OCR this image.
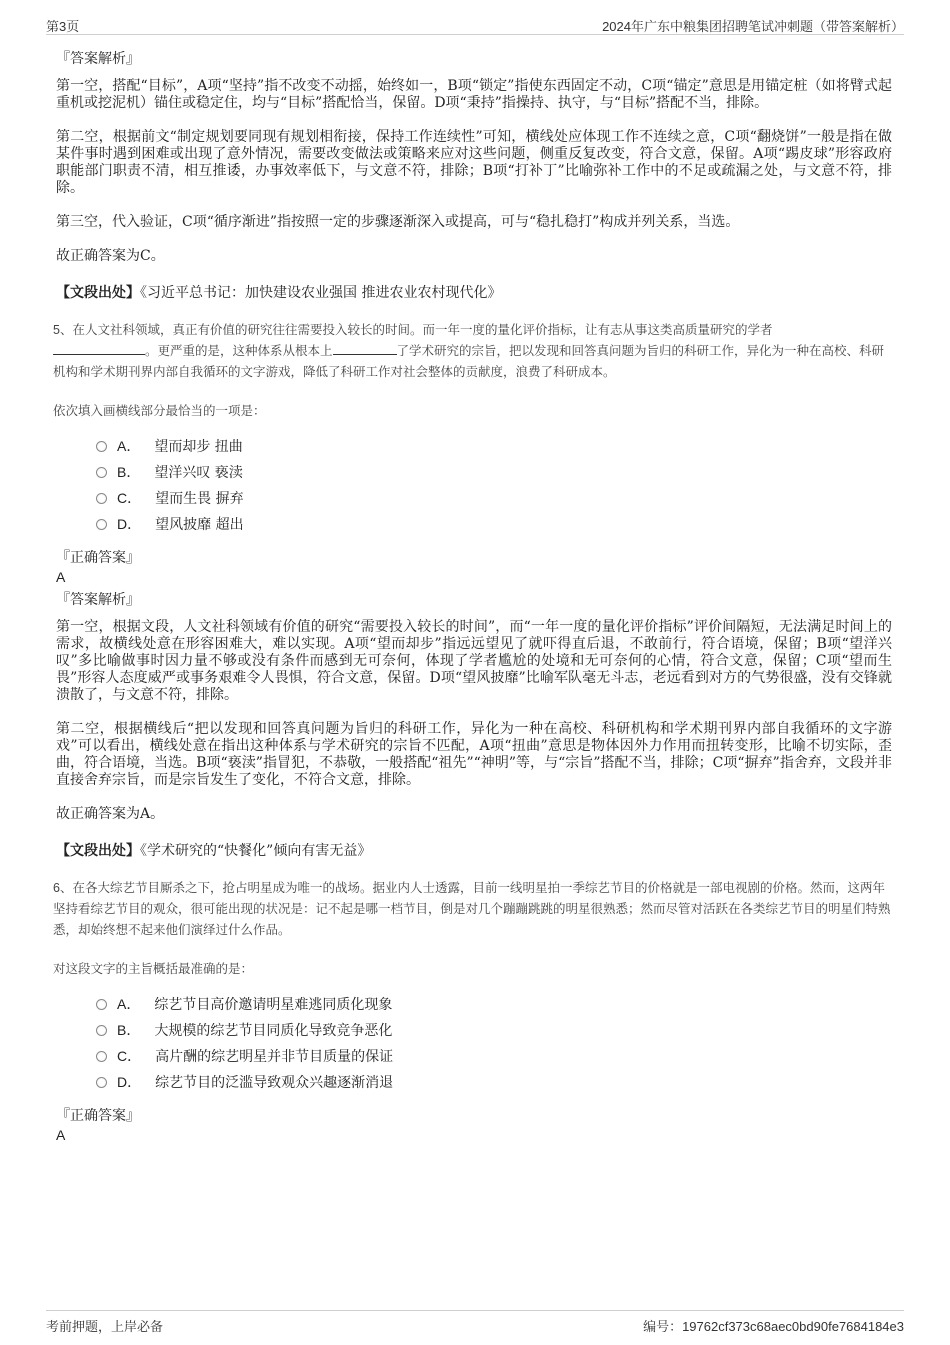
第3页	2024年广东中粮集团招聘笔试冲刺题（带答案解析）
『答案解析』

第一空，搭配“目标”，A项“坚持”指不改变不动摇，始终如一，B项“锁定”指使东西固定不动，C项“锚定”意思是用锚定桩（如将臂式起重机或挖泥机）锚住或稳定住，均与“目标”搭配恰当，保留。D项“秉持”指操持、执守，与“目标”搭配不当，排除。

第二空，根据前文“制定规划要同现有规划相衔接，保持工作连续性”可知，横线处应体现工作不连续之意，C项“翻烧饼”一般是指在做某件事时遇到困难或出现了意外情况，需要改变做法或策略来应对这些问题，侧重反复改变，符合文意，保留。A项“踢皮球”形容政府职能部门职责不清，相互推诿，办事效率低下，与文意不符，排除；B项“打补丁”比喻弥补工作中的不足或疏漏之处，与文意不符，排除。

第三空，代入验证，C项“循序渐进”指按照一定的步骤逐渐深入或提高，可与“稳扎稳打”构成并列关系，当选。

故正确答案为C。

【文段出处】《习近平总书记：加快建设农业强国 推进农业农村现代化》

5、在人文社科领域，真正有价值的研究往往需要投入较长的时间。而一年一度的量化评价指标，让有志从事这类高质量研究的学者
。更严重的是，这种体系从根本上	了学术研究的宗旨，把以发现和回答真问题为旨归的科研工作，异化为一种在高校、科研机构和学术期刊界内部自我循环的文字游戏，降低了科研工作对社会整体的贡献度，浪费了科研成本。

依次填入画横线部分最恰当的一项是：
A． 望而却步 扭曲
B． 望洋兴叹 亵渎
C． 望而生畏 摒弃
D． 望风披靡 超出
『正确答案』
A
『答案解析』

第一空，根据文段，人文社科领域有价值的研究“需要投入较长的时间”，而“一年一度的量化评价指标”评价间隔短，无法满足时间上的需求，故横线处意在形容困难大，难以实现。A项“望而却步”指远远望见了就吓得直后退，不敢前行，符合语境，保留；B项“望洋兴叹”多比喻做事时因力量不够或没有条件而感到无可奈何，体现了学者尴尬的处境和无可奈何的心情，符合文意，保留；C项“望而生畏”形容人态度威严或事务艰难令人畏惧，符合文意，保留。D项“望风披靡”比喻军队毫无斗志，老远看到对方的气势很盛，没有交锋就溃散了，与文意不符，排除。

第二空，根据横线后“把以发现和回答真问题为旨归的科研工作，异化为一种在高校、科研机构和学术期刊界内部自我循环的文字游戏”可以看出，横线处意在指出这种体系与学术研究的宗旨不匹配，A项“扭曲”意思是物体因外力作用而扭转变形，比喻不切实际，歪曲，符合语境，当选。B项“亵渎”指冒犯，不恭敬，一般搭配“祖先”“神明”等，与“宗旨”搭配不当，排除；C项“摒弃”指舍弃，文段并非直接舍弃宗旨，而是宗旨发生了变化，不符合文意，排除。

故正确答案为A。

【文段出处】《学术研究的“快餐化”倾向有害无益》

6、在各大综艺节目厮杀之下，抢占明星成为唯一的战场。据业内人士透露，目前一线明星拍一季综艺节目的价格就是一部电视剧的价格。然而，这两年坚持看综艺节目的观众，很可能出现的状况是：记不起是哪一档节目，倒是对几个蹦蹦跳跳的明星很熟悉；然而尽管对活跃在各类综艺节目的明星们特熟悉，却始终想不起来他们演绎过什么作品。

对这段文字的主旨概括最准确的是：
A． 综艺节目高价邀请明星难逃同质化现象
B． 大规模的综艺节目同质化导致竞争恶化
C． 高片酬的综艺明星并非节目质量的保证
D． 综艺节目的泛滥导致观众兴趣逐渐消退
『正确答案』
A
考前押题，上岸必备	编号：19762cf373c68aec0bd90fe7684184e3
